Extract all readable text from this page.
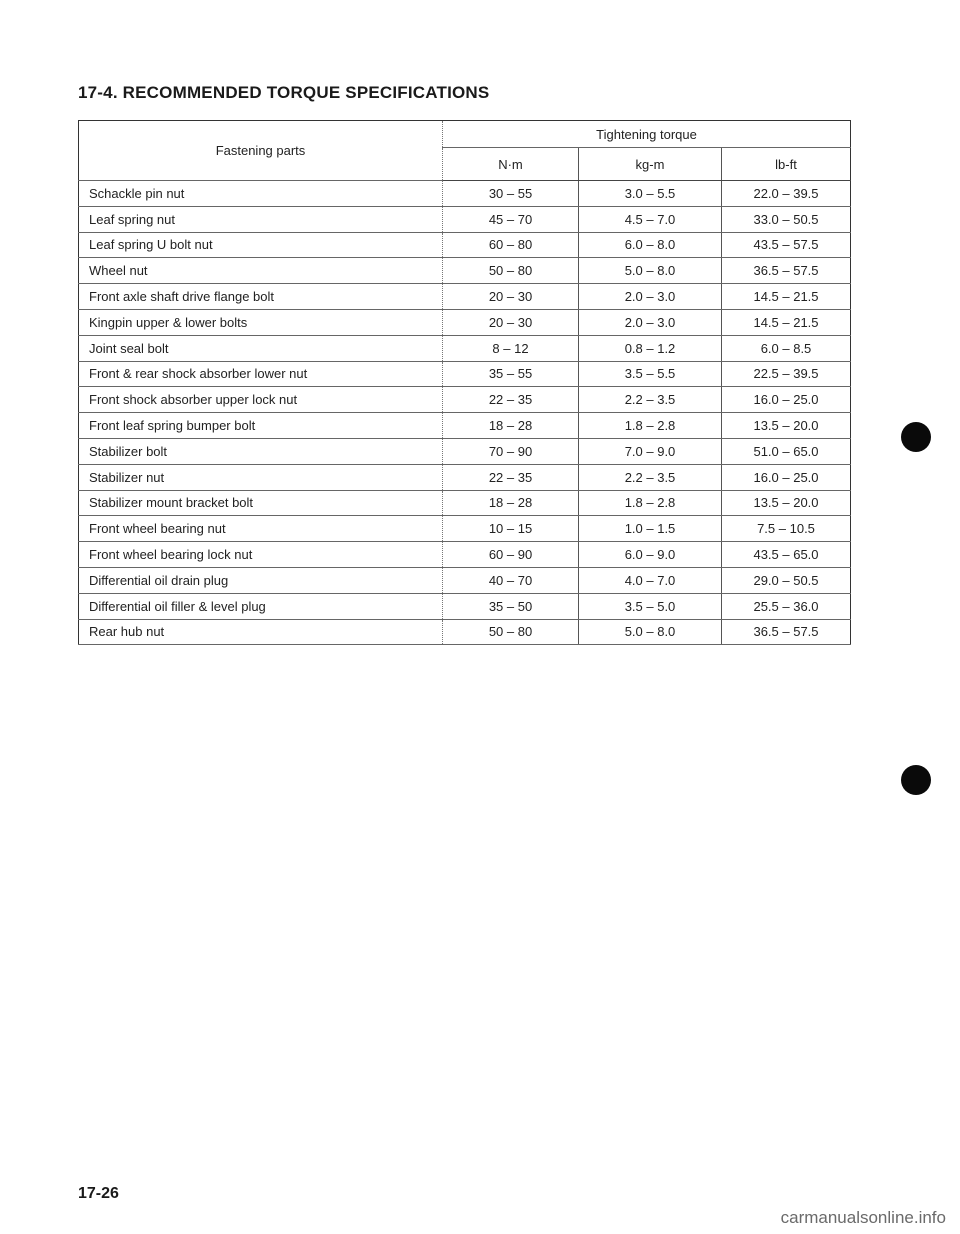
17-4. RECOMMENDED TORQUE SPECIFICATIONS
Fastening parts	Tightening torque		
	N·m	kg-m	lb-ft
Schackle pin nut	30 – 55	3.0 – 5.5	22.0 – 39.5
Leaf spring nut	45 – 70	4.5 – 7.0	33.0 – 50.5
Leaf spring U bolt nut	60 – 80	6.0 – 8.0	43.5 – 57.5
Wheel nut	50 – 80	5.0 – 8.0	36.5 – 57.5
Front axle shaft drive flange bolt	20 – 30	2.0 – 3.0	14.5 – 21.5
Kingpin upper & lower bolts	20 – 30	2.0 – 3.0	14.5 – 21.5
Joint seal bolt	8 – 12	0.8 – 1.2	6.0 – 8.5
Front & rear shock absorber lower nut	35 – 55	3.5 – 5.5	22.5 – 39.5
Front shock absorber upper lock nut	22 – 35	2.2 – 3.5	16.0 – 25.0
Front leaf spring bumper bolt	18 – 28	1.8 – 2.8	13.5 – 20.0
Stabilizer bolt	70 – 90	7.0 – 9.0	51.0 – 65.0
Stabilizer nut	22 – 35	2.2 – 3.5	16.0 – 25.0
Stabilizer mount bracket bolt	18 – 28	1.8 – 2.8	13.5 – 20.0
Front wheel bearing nut	10 – 15	1.0 – 1.5	7.5 – 10.5
Front wheel bearing lock nut	60 – 90	6.0 – 9.0	43.5 – 65.0
Differential oil drain plug	40 – 70	4.0 – 7.0	29.0 – 50.5
Differential oil filler & level plug	35 – 50	3.5 – 5.0	25.5 – 36.0
Rear hub nut	50 – 80	5.0 – 8.0	36.5 – 57.5
17-26
carmanualsonline.info
